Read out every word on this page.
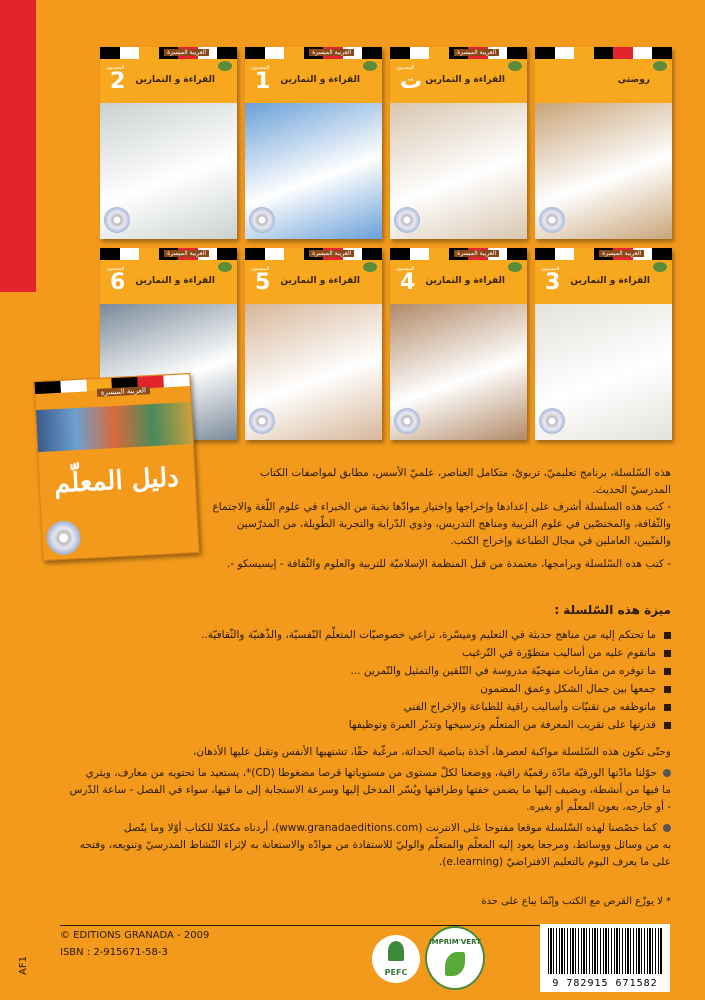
العربية الميسرة
المستوى
2 القراءة و التمارين
العربية الميسرة
المستوى
1 القراءة و التمارين
العربية الميسرة
المستوى
ت القراءة و التمارين	روضتي
العربية الميسرة
المستوى
6 القراءة و التمارين
العربية الميسرة
المستوى
5 القراءة و التمارين
العربية الميسرة
المستوى
4 القراءة و التمارين
العربية الميسرة
المستوى
3 القراءة و التمارين
العربية الميسرة
دليل المعلّم	هذه السّلسلة، برنامج تعليميّ، تربويّ، متكامل العناصر، علميّ الأسس، مطابق لمواصفات الكتاب
المدرسيّ الحديث.
- كتب هذه السلسلة أشرف على إعدادها وإخراجها واختيار موادّها نخبة من الخبراء في علوم اللّغة والاجتماع
والثّقافة، والمختصّين في علوم التربية ومناهج التدريس، وذوي الدّراية والتجربة الطّويلة، من المدرّسين
والفنّيين، العاملين في مجال الطباعة وإخراج الكتب.
- كتب هذه السّلسلة وبرامجها، معتمدة من قبل المنظمة الإسلاميّة للتربية والعلوم والثّقافة - إيسيسكو -.
ميزة هذه السّلسلة :
ما تحتكم إليه من مناهج حديثة في التعليم وميسّرة، تراعي خصوصيّات المتعلّم النّفسيّة، والذّهنيّة والثّقافيّة..
ماتقوم عليه من أساليب متطوّرة في التّرغيب
ما توفره من مقاربات منهجيّة مدروسة في التّلقين والتمثيل والتّمرين ...
جمعها بين جمال الشكل وعمق المضمون
ماتوظفه من تقنيّات وأساليب راقية للطباعة والإخراج الفني
قدرتها على تقريب المعرفة من المتعلّم وترسيخها وتدبّر العبرة وتوظيفها
وحتّى تكون هذه السّلسلة مواكبة لعصرها، آخذة بناصية الحداثة، مرغّبة حقّا، تشتهيها الأنفس وتقبل عليها الأذهان،
حوّلنا مادّتها الورقيّة مادّة رقميّة راقية، ووضعنا لكلّ مستوى من مستوياتها قرصا مضغوطا (CD)*، يستعيد ما تحتويه من معارف، ويثري
ما فيها من أنشطة، ويضيف إليها ما يضمن خفتها وطرافتها ويُسّر المدخل إليها وسرعة الاستجابة إلى ما فيها، سواء في الفصل - ساعة الدّرس
- أو خارجه، بعون المعلّم أو بغيره.
كما خصّصنا لهذه السّلسلة موقعا مفتوحا على الانترنت (www.granadaeditions.com)، أردناه مكمّلا للكتاب أوّلا وما يتّصل
به من وسائل ووسائط، ومرجعا يعود إليه المعلّم والمتعلّم والوليّ للاستفادة من موادّه والاستعانة به لإثراء النّشاط المدرسيّ وتنويعه، وفتحه
على ما يعرف اليوم بالتعليم الافتراضيّ (e.learning).
* لا يوزّع القرص مع الكتب وإنّما يباع على حدة
© EDITIONS GRANADA - 2009
ISBN : 2-915671-58-3
AF1	PEFC
IMPRIM'VERT
9 782915 671582
